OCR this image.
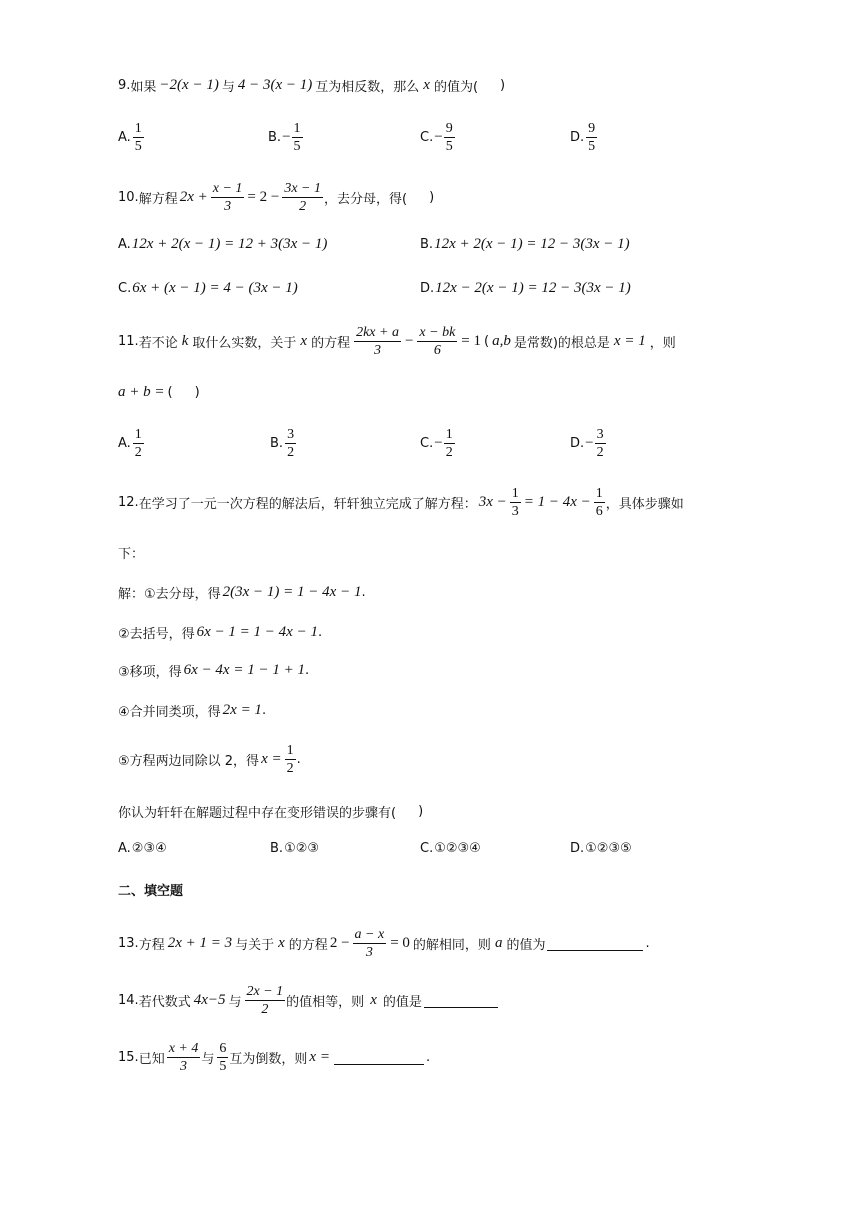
9. 如果 −2(x − 1) 与 4 − 3(x − 1) 互为相反数，那么 x 的值为( )
A. $\frac{1}{5}$	B. − $\frac{1}{5}$	C. − $\frac{9}{5}$	D. $\frac{9}{5}$
10. 解方程 $2x + \frac{x - 1}{3} = 2 - \frac{3x - 1}{2}$ ，去分母，得( )
A. 12x + 2(x − 1) = 12 + 3(3x − 1)	B. 12x + 2(x − 1) = 12 − 3(3x − 1)
C. 6x + (x − 1) = 4 − (3x − 1)	D. 12x − 2(x − 1) = 12 − 3(3x − 1)
11. 若不论 k 取什么实数，关于 x 的方程 $\frac{2kx + a}{3} - \frac{x - bk}{6} = 1$ ( a,b 是常数)的根总是 x = 1 ，则
a + b = ( )
A. $\frac{1}{2}$	B. $\frac{3}{2}$	C. − $\frac{1}{2}$	D. − $\frac{3}{2}$
12. 在学习了一元一次方程的解法后，轩轩独立完成了解方程： $3x - \frac{1}{3} = 1 - 4x - \frac{1}{6}$ ，具体步骤如
下：
解：①去分母，得 2(3x − 1) = 1 − 4x − 1 .
②去括号，得 6x − 1 = 1 − 4x − 1 .
③移项，得 6x − 4x = 1 − 1 + 1 .
④合并同类项，得 2x = 1 .
⑤方程两边同除以 2，得 $x = \frac{1}{2}$ .
你认为轩轩在解题过程中存在变形错误的步骤有( )
A. ②③④	B. ①②③	C. ①②③④	D. ①②③⑤
二、填空题
13. 方程 2x + 1 = 3 与关于 x 的方程 $2 - \frac{a - x}{3} = 0$ 的解相同，则 a 的值为	.
14. 若代数式 4x−5 与 $\frac{2x - 1}{2}$ 的值相等，则 x 的值是
15. 已知 $\frac{x + 4}{3}$ 与 $\frac{6}{5}$ 互为倒数，则 x =	.
